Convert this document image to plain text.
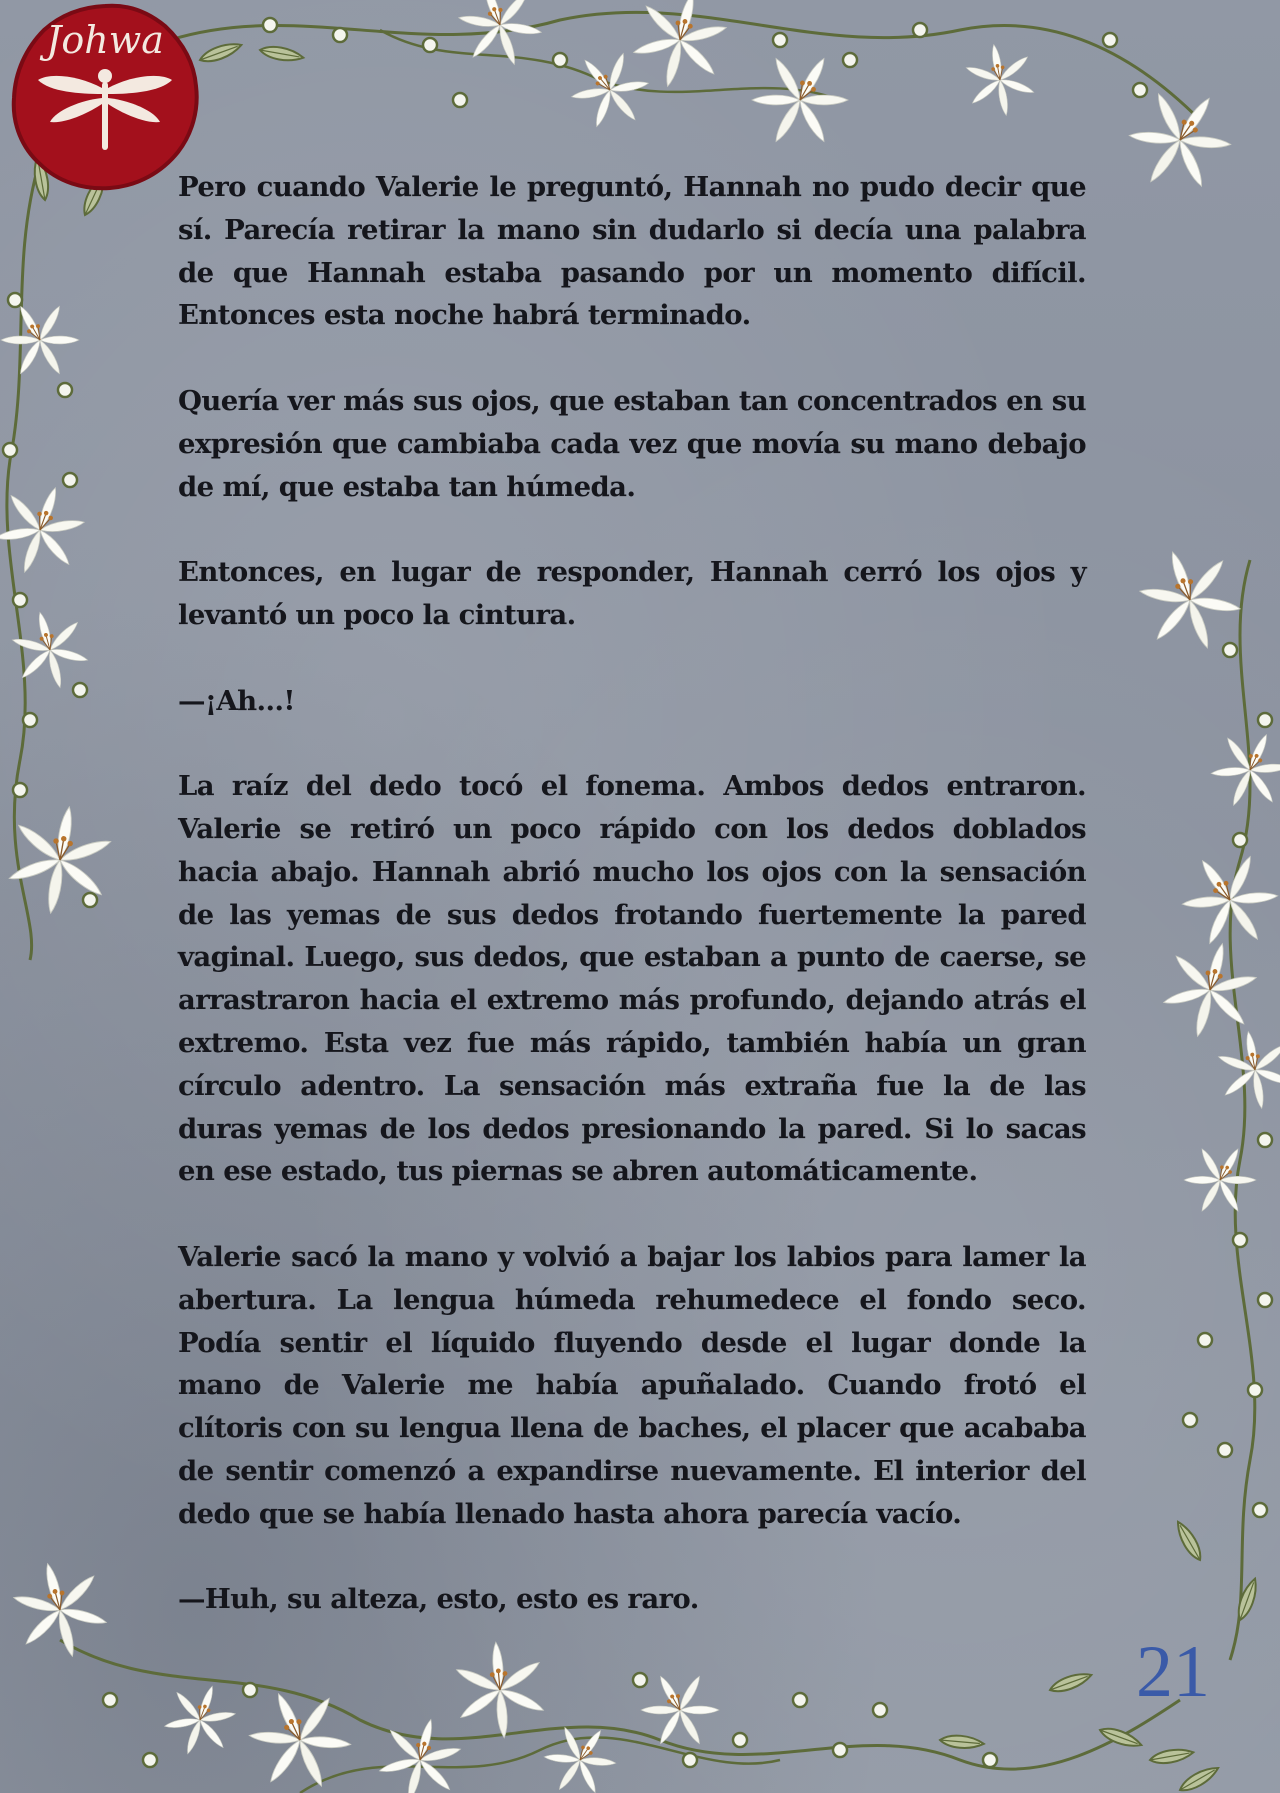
Johwa

Pero cuando Valerie le preguntó, Hannah no pudo decir que sí. Parecía retirar la mano sin dudarlo si decía una palabra de que Hannah estaba pasando por un momento difícil. Entonces esta noche habrá terminado.

Quería ver más sus ojos, que estaban tan concentrados en su expresión que cambiaba cada vez que movía su mano debajo de mí, que estaba tan húmeda.

Entonces, en lugar de responder, Hannah cerró los ojos y levantó un poco la cintura.

—¡Ah…!

La raíz del dedo tocó el fonema. Ambos dedos entraron. Valerie se retiró un poco rápido con los dedos doblados hacia abajo. Hannah abrió mucho los ojos con la sensación de las yemas de sus dedos frotando fuertemente la pared vaginal. Luego, sus dedos, que estaban a punto de caerse, se arrastraron hacia el extremo más profundo, dejando atrás el extremo. Esta vez fue más rápido, también había un gran círculo adentro. La sensación más extraña fue la de las duras yemas de los dedos presionando la pared. Si lo sacas en ese estado, tus piernas se abren automáticamente.

Valerie sacó la mano y volvió a bajar los labios para lamer la abertura. La lengua húmeda rehumedece el fondo seco. Podía sentir el líquido fluyendo desde el lugar donde la mano de Valerie me había apuñalado. Cuando frotó el clítoris con su lengua llena de baches, el placer que acababa de sentir comenzó a expandirse nuevamente. El interior del dedo que se había llenado hasta ahora parecía vacío.

—Huh, su alteza, esto, esto es raro.

21
